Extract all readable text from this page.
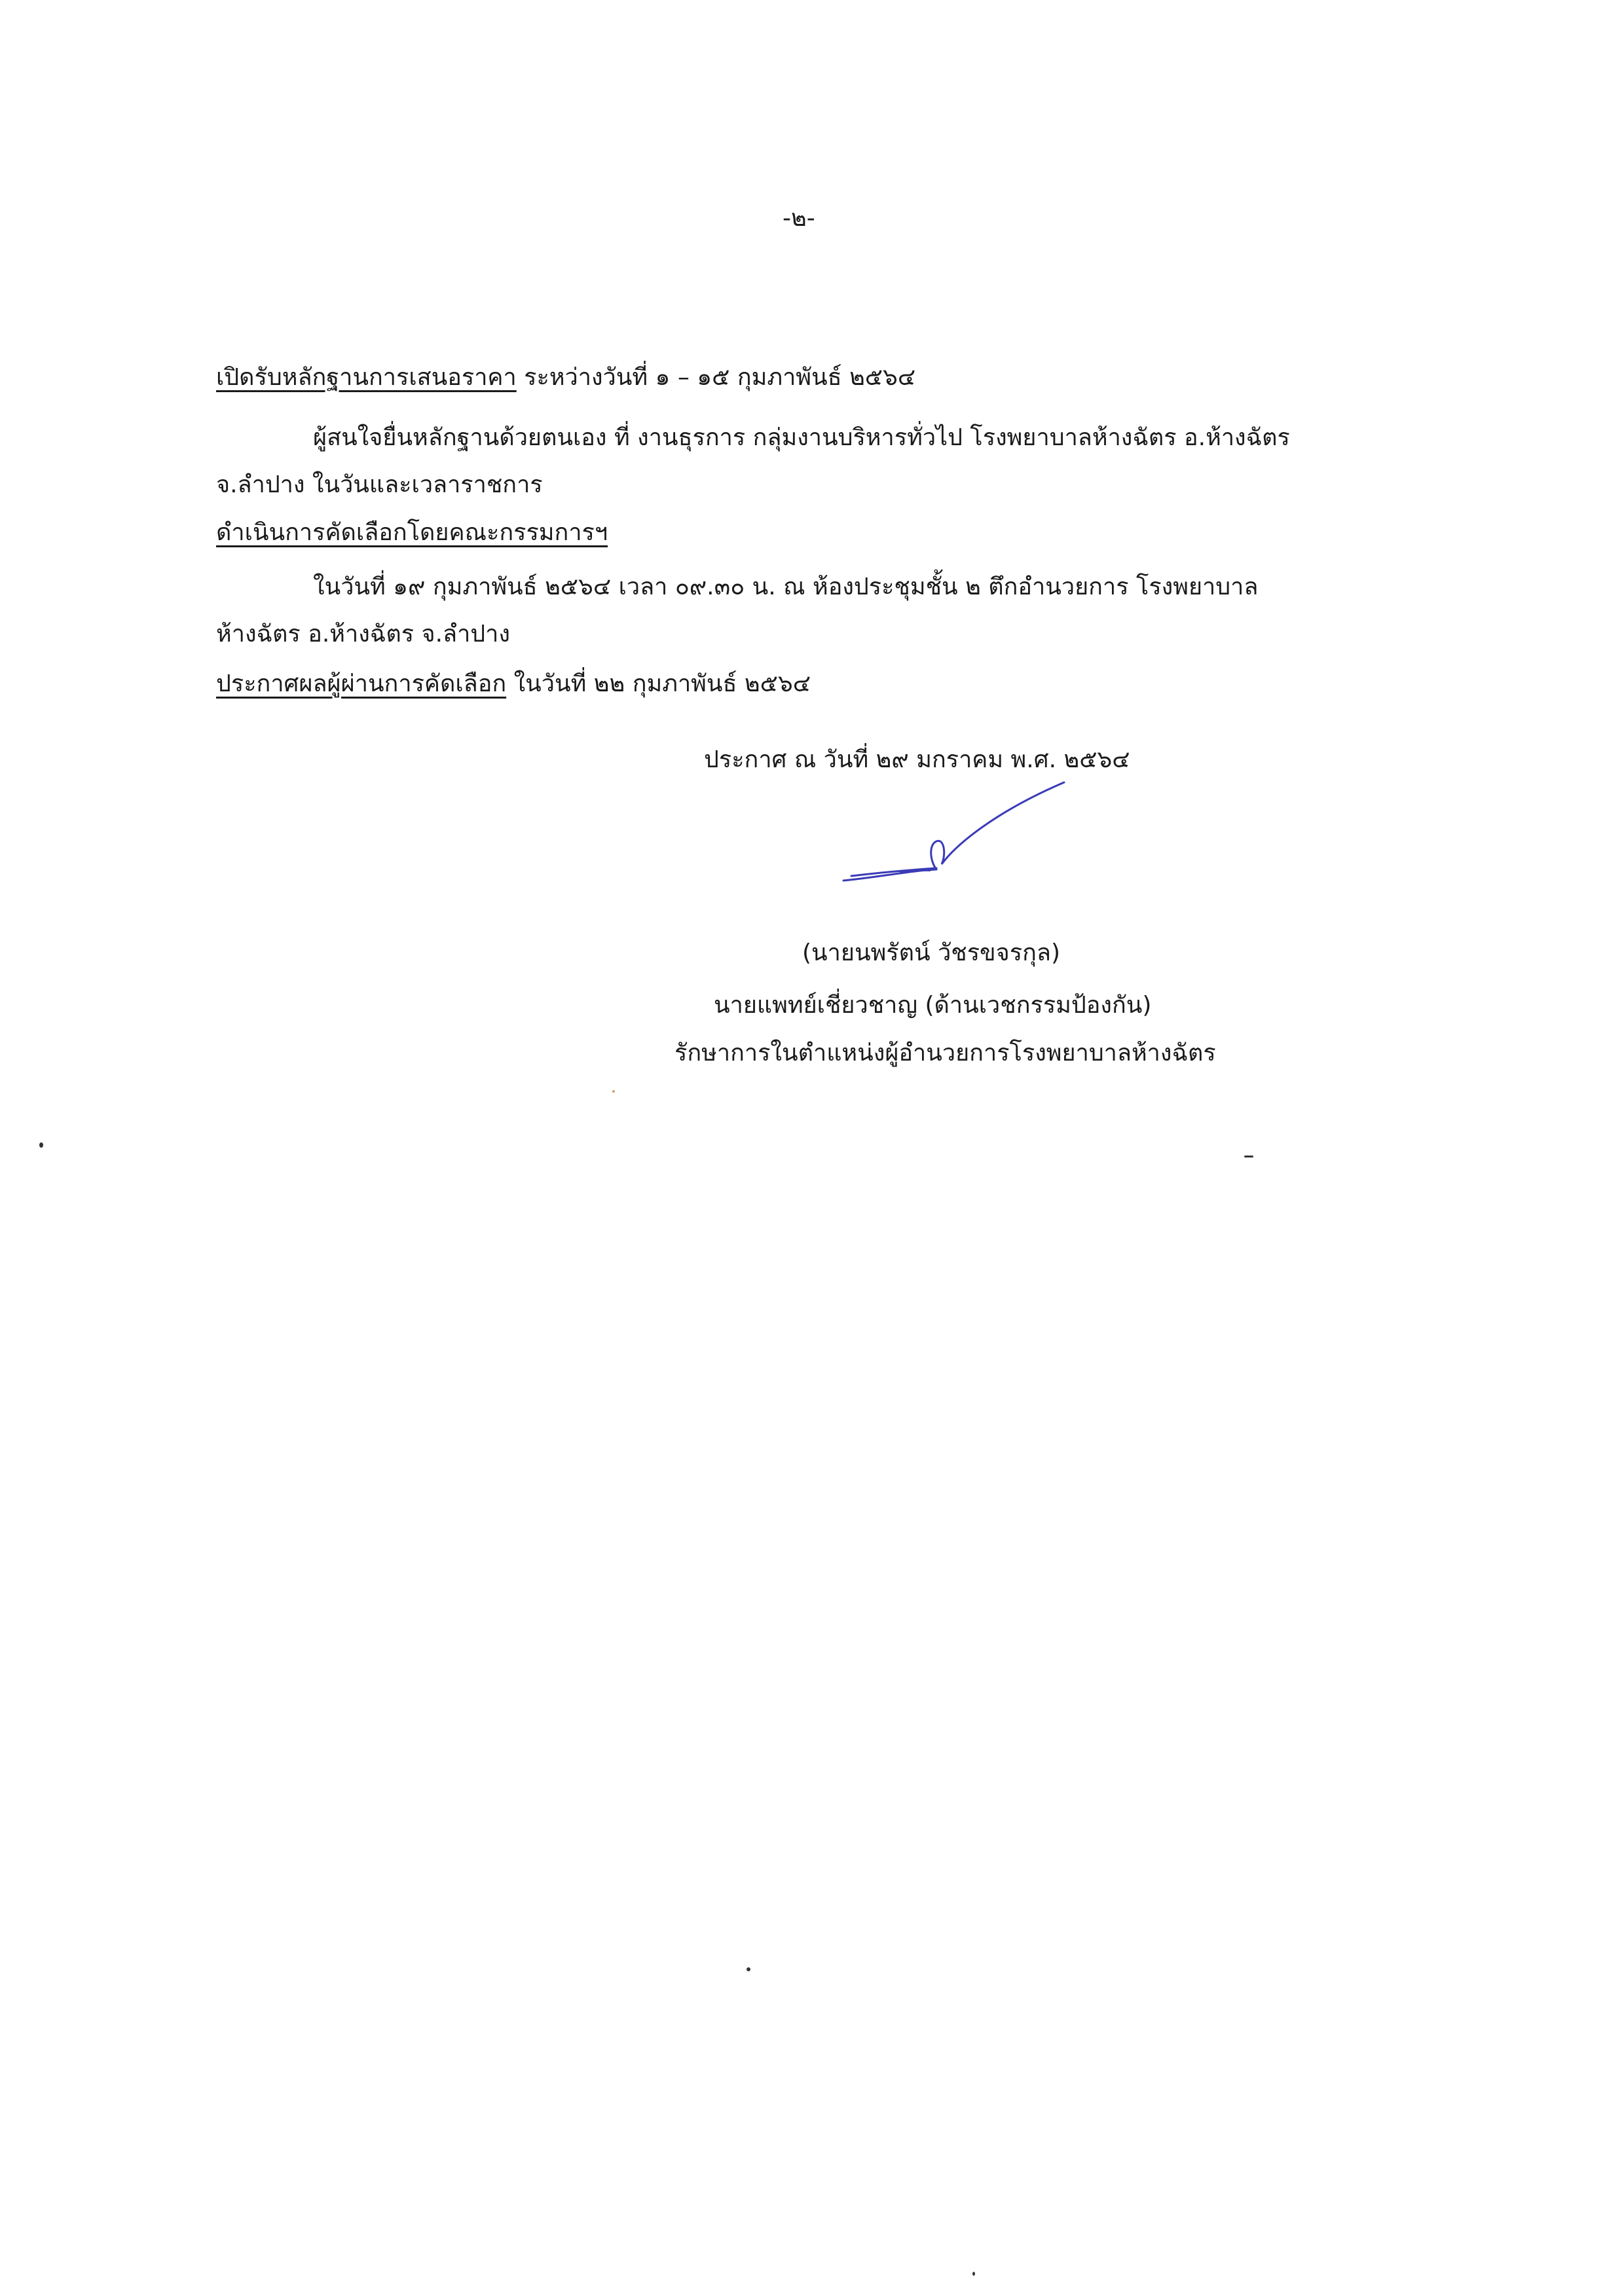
-๒-
เปิดรับหลักฐานการเสนอราคา ระหว่างวันที่ ๑ – ๑๕ กุมภาพันธ์ ๒๕๖๔
ผู้สนใจยื่นหลักฐานด้วยตนเอง ที่ งานธุรการ กลุ่มงานบริหารทั่วไป โรงพยาบาลห้างฉัตร อ.ห้างฉัตร
จ.ลำปาง ในวันและเวลาราชการ
ดำเนินการคัดเลือกโดยคณะกรรมการฯ
ในวันที่ ๑๙ กุมภาพันธ์ ๒๕๖๔ เวลา ๐๙.๓๐ น. ณ ห้องประชุมชั้น ๒ ตึกอำนวยการ โรงพยาบาล
ห้างฉัตร อ.ห้างฉัตร จ.ลำปาง
ประกาศผลผู้ผ่านการคัดเลือก ในวันที่ ๒๒ กุมภาพันธ์ ๒๕๖๔
ประกาศ ณ วันที่ ๒๙ มกราคม พ.ศ. ๒๕๖๔
(นายนพรัตน์ วัชรขจรกุล)
นายแพทย์เชี่ยวชาญ (ด้านเวชกรรมป้องกัน)
รักษาการในตำแหน่งผู้อำนวยการโรงพยาบาลห้างฉัตร
